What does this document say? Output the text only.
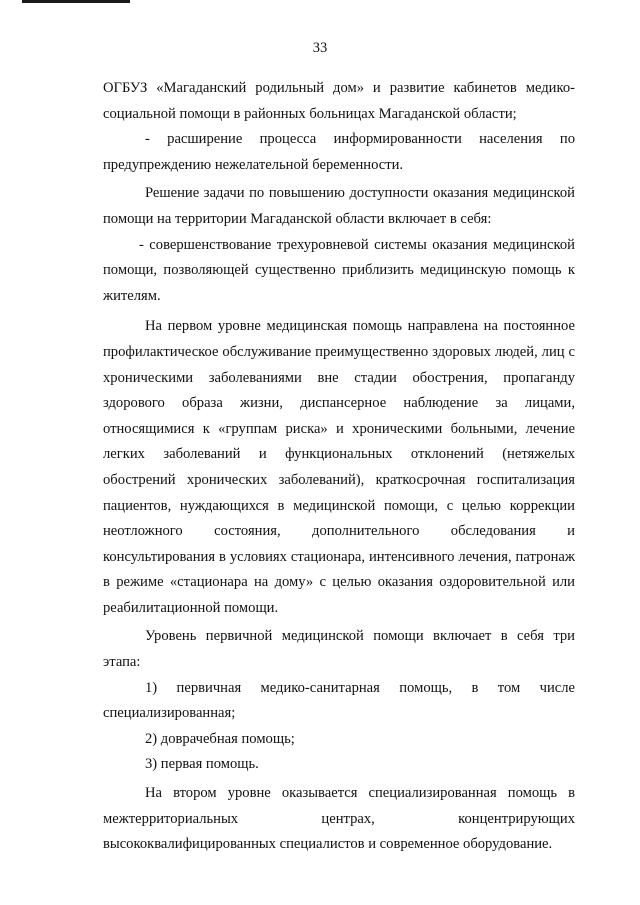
33

ОГБУЗ «Магаданский родильный дом» и развитие кабинетов медико-социальной помощи в районных больницах Магаданской области;

- расширение процесса информированности населения по предупреждению нежелательной беременности.

Решение задачи по повышению доступности оказания медицинской помощи на территории Магаданской области включает в себя:

- совершенствование трехуровневой системы оказания медицинской помощи, позволяющей существенно приблизить медицинскую помощь к жителям.

На первом уровне медицинская помощь направлена на постоянное профилактическое обслуживание преимущественно здоровых людей, лиц с хроническими заболеваниями вне стадии обострения, пропаганду здорового образа жизни, диспансерное наблюдение за лицами, относящимися к «группам риска» и хроническими больными, лечение легких заболеваний и функциональных отклонений (нетяжелых обострений хронических заболеваний), краткосрочная госпитализация пациентов, нуждающихся в медицинской помощи, с целью коррекции неотложного состояния, дополнительного обследования и консультирования в условиях стационара, интенсивного лечения, патронаж в режиме «стационара на дому» с целью оказания оздоровительной или реабилитационной помощи.

Уровень первичной медицинской помощи включает в себя три этапа:

1) первичная медико-санитарная помощь, в том числе специализированная;

2) доврачебная помощь;

3) первая помощь.

На втором уровне оказывается специализированная помощь в межтерриториальных центрах, концентрирующих высококвалифицированных специалистов и современное оборудование.
